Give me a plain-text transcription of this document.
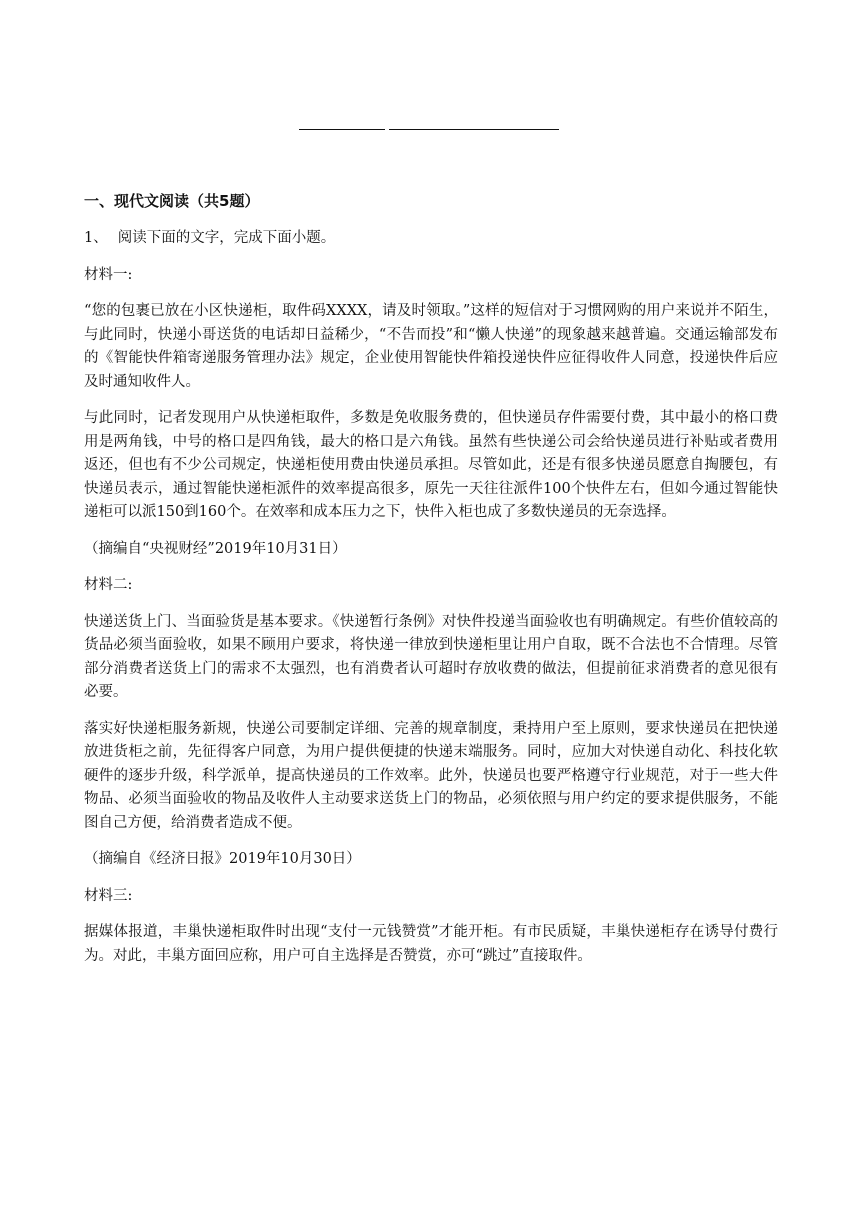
一、现代文阅读（共5题）

1、 阅读下面的文字，完成下面小题。

材料一:

“您的包裹已放在小区快递柜，取件码XXXX，请及时领取。”这样的短信对于习惯网购的用户来说并不陌生，与此同时，快递小哥送货的电话却日益稀少，“不告而投”和“懒人快递”的现象越来越普遍。交通运输部发布的《智能快件箱寄递服务管理办法》规定，企业使用智能快件箱投递快件应征得收件人同意，投递快件后应及时通知收件人。

与此同时，记者发现用户从快递柜取件，多数是免收服务费的，但快递员存件需要付费，其中最小的格口费用是两角钱，中号的格口是四角钱，最大的格口是六角钱。虽然有些快递公司会给快递员进行补贴或者费用返还，但也有不少公司规定，快递柜使用费由快递员承担。尽管如此，还是有很多快递员愿意自掏腰包，有快递员表示，通过智能快递柜派件的效率提高很多，原先一天往往派件100个快件左右，但如今通过智能快递柜可以派150到160个。在效率和成本压力之下，快件入柜也成了多数快递员的无奈选择。

（摘编自“央视财经”2019年10月31日）

材料二:

快递送货上门、当面验货是基本要求。《快递暂行条例》对快件投递当面验收也有明确规定。有些价值较高的货品必须当面验收，如果不顾用户要求，将快递一律放到快递柜里让用户自取，既不合法也不合情理。尽管部分消费者送货上门的需求不太强烈，也有消费者认可超时存放收费的做法，但提前征求消费者的意见很有必要。

落实好快递柜服务新规，快递公司要制定详细、完善的规章制度，秉持用户至上原则，要求快递员在把快递放进货柜之前，先征得客户同意，为用户提供便捷的快递末端服务。同时，应加大对快递自动化、科技化软硬件的逐步升级，科学派单，提高快递员的工作效率。此外，快递员也要严格遵守行业规范，对于一些大件物品、必须当面验收的物品及收件人主动要求送货上门的物品，必须依照与用户约定的要求提供服务，不能图自己方便，给消费者造成不便。

（摘编自《经济日报》2019年10月30日）

材料三:

据媒体报道，丰巢快递柜取件时出现“支付一元钱赞赏”才能开柜。有市民质疑，丰巢快递柜存在诱导付费行为。对此，丰巢方面回应称，用户可自主选择是否赞赏，亦可“跳过”直接取件。
